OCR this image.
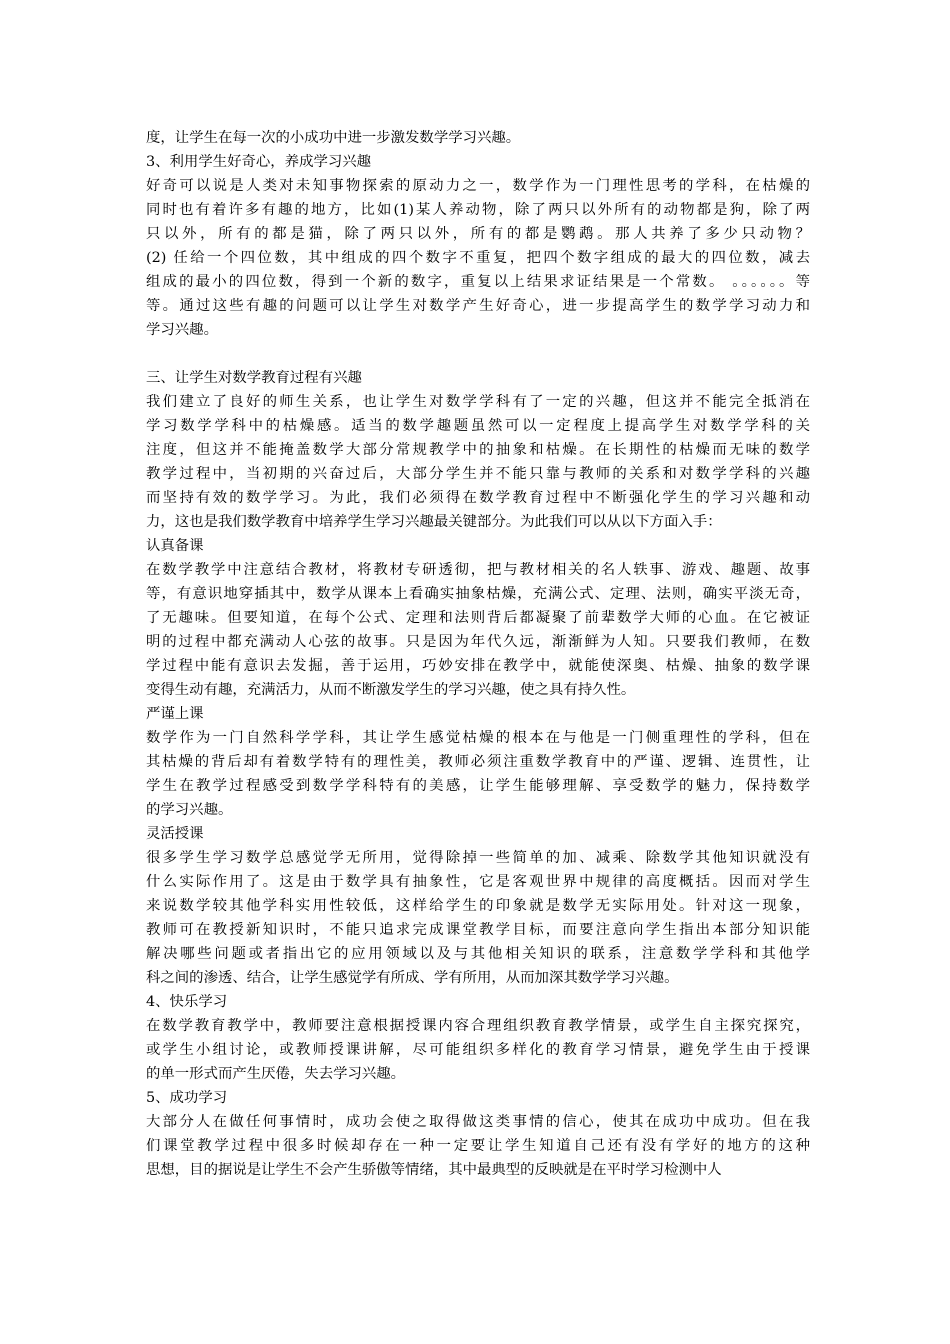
度，让学生在每一次的小成功中进一步激发数学学习兴趣。
3、利用学生好奇心，养成学习兴趣
好奇可以说是人类对未知事物探索的原动力之一，数学作为一门理性思考的学科，在枯燥的
同时也有着许多有趣的地方，比如(1)某人养动物，除了两只以外所有的动物都是狗，除了两
只以外，所有的都是猫，除了两只以外，所有的都是鹦鹉。那人共养了多少只动物？
(2) 任给一个四位数，其中组成的四个数字不重复，把四个数字组成的最大的四位数，减去
组成的最小的四位数，得到一个新的数字，重复以上结果求证结果是一个常数。 。。。。。。等
等。通过这些有趣的问题可以让学生对数学产生好奇心，进一步提高学生的数学学习动力和
学习兴趣。
三、让学生对数学教育过程有兴趣
我们建立了良好的师生关系，也让学生对数学学科有了一定的兴趣，但这并不能完全抵消在
学习数学学科中的枯燥感。适当的数学趣题虽然可以一定程度上提高学生对数学学科的关
注度，但这并不能掩盖数学大部分常规教学中的抽象和枯燥。在长期性的枯燥而无味的数学
教学过程中，当初期的兴奋过后，大部分学生并不能只靠与教师的关系和对数学学科的兴趣
而坚持有效的数学学习。为此，我们必须得在数学教育过程中不断强化学生的学习兴趣和动
力，这也是我们数学教育中培养学生学习兴趣最关键部分。为此我们可以从以下方面入手：
认真备课
在数学教学中注意结合教材，将教材专研透彻，把与教材相关的名人轶事、游戏、趣题、故事
等，有意识地穿插其中，数学从课本上看确实抽象枯燥，充满公式、定理、法则，确实平淡无奇，
了无趣味。但要知道，在每个公式、定理和法则背后都凝聚了前辈数学大师的心血。在它被证
明的过程中都充满动人心弦的故事。只是因为年代久远，渐渐鲜为人知。只要我们教师，在数
学过程中能有意识去发掘，善于运用，巧妙安排在教学中，就能使深奥、枯燥、抽象的数学课
变得生动有趣，充满活力，从而不断激发学生的学习兴趣，使之具有持久性。
严谨上课
数学作为一门自然科学学科，其让学生感觉枯燥的根本在与他是一门侧重理性的学科，但在
其枯燥的背后却有着数学特有的理性美，教师必须注重数学教育中的严谨、逻辑、连贯性，让
学生在教学过程感受到数学学科特有的美感，让学生能够理解、享受数学的魅力，保持数学
的学习兴趣。
灵活授课
很多学生学习数学总感觉学无所用，觉得除掉一些简单的加、减乘、除数学其他知识就没有
什么实际作用了。这是由于数学具有抽象性，它是客观世界中规律的高度概括。因而对学生
来说数学较其他学科实用性较低，这样给学生的印象就是数学无实际用处。针对这一现象，
教师可在教授新知识时，不能只追求完成课堂教学目标，而要注意向学生指出本部分知识能
解决哪些问题或者指出它的应用领域以及与其他相关知识的联系，注意数学学科和其他学
科之间的渗透、结合，让学生感觉学有所成、学有所用，从而加深其数学学习兴趣。
4、快乐学习
在数学教育教学中，教师要注意根据授课内容合理组织教育教学情景，或学生自主探究探究，
或学生小组讨论，或教师授课讲解，尽可能组织多样化的教育学习情景，避免学生由于授课
的单一形式而产生厌倦，失去学习兴趣。
5、成功学习
大部分人在做任何事情时，成功会使之取得做这类事情的信心，使其在成功中成功。但在我
们课堂教学过程中很多时候却存在一种一定要让学生知道自己还有没有学好的地方的这种
思想，目的据说是让学生不会产生骄傲等情绪，其中最典型的反映就是在平时学习检测中人
